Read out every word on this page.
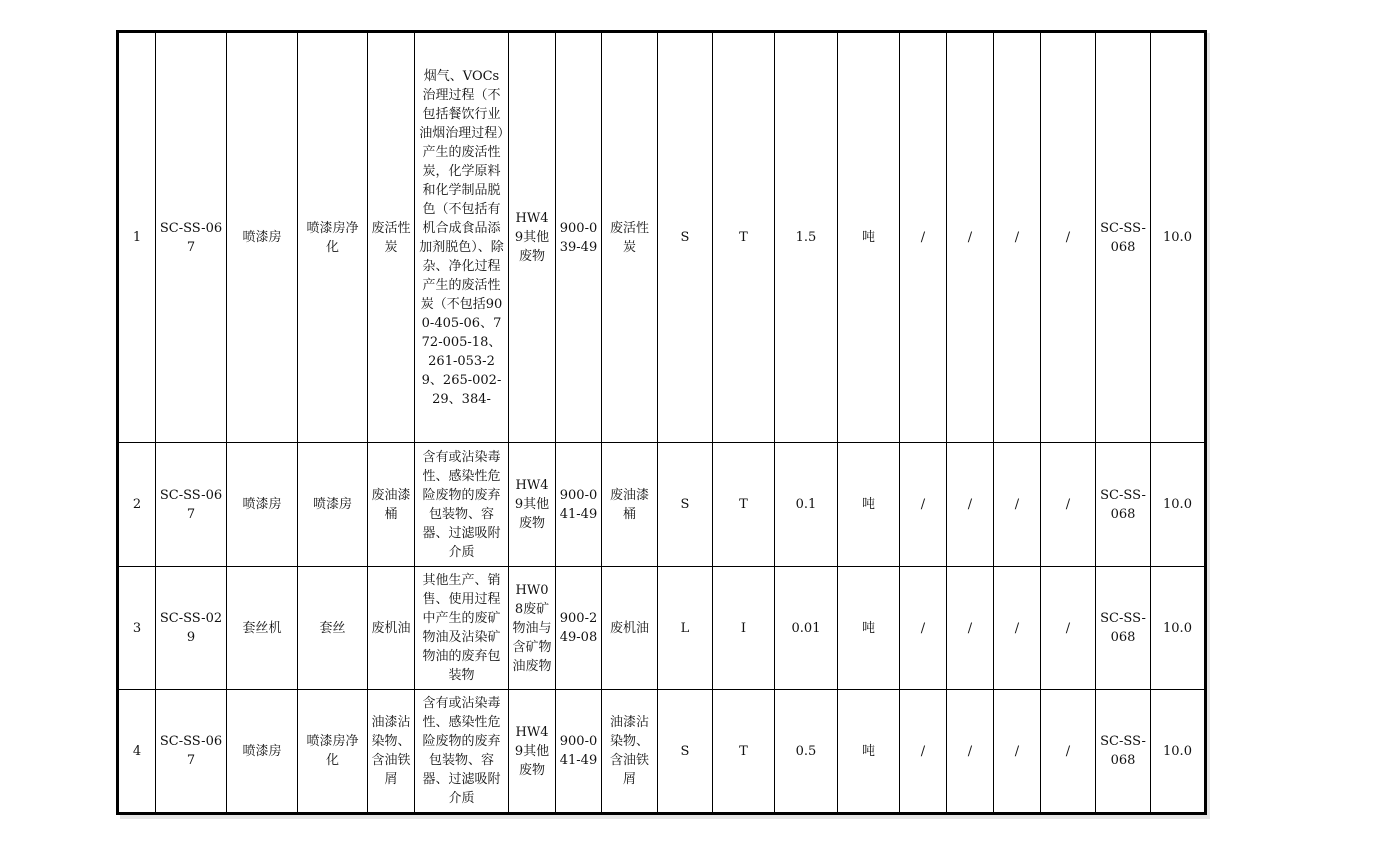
1	SC-SS-067	喷漆房	喷漆房净化	废活性炭	烟气、VOCs治理过程（不包括餐饮行业油烟治理过程）产生的废活性炭，化学原料和化学制品脱色（不包括有机合成食品添加剂脱色）、除杂、净化过程产生的废活性炭（不包括900-405-06、772-005-18、261-053-29、265-002-29、384-	HW49其他废物	900-039-49	废活性炭	S	T	1.5	吨	/	/	/	/	SC-SS-068	10.0
2	SC-SS-067	喷漆房	喷漆房	废油漆桶	含有或沾染毒性、感染性危险废物的废弃包装物、容器、过滤吸附介质	HW49其他废物	900-041-49	废油漆桶	S	T	0.1	吨	/	/	/	/	SC-SS-068	10.0
3	SC-SS-029	套丝机	套丝	废机油	其他生产、销售、使用过程中产生的废矿物油及沾染矿物油的废弃包装物	HW08废矿物油与含矿物油废物	900-249-08	废机油	L	I	0.01	吨	/	/	/	/	SC-SS-068	10.0
4	SC-SS-067	喷漆房	喷漆房净化	油漆沾染物、含油铁屑	含有或沾染毒性、感染性危险废物的废弃包装物、容器、过滤吸附介质	HW49其他废物	900-041-49	油漆沾染物、含油铁屑	S	T	0.5	吨	/	/	/	/	SC-SS-068	10.0
